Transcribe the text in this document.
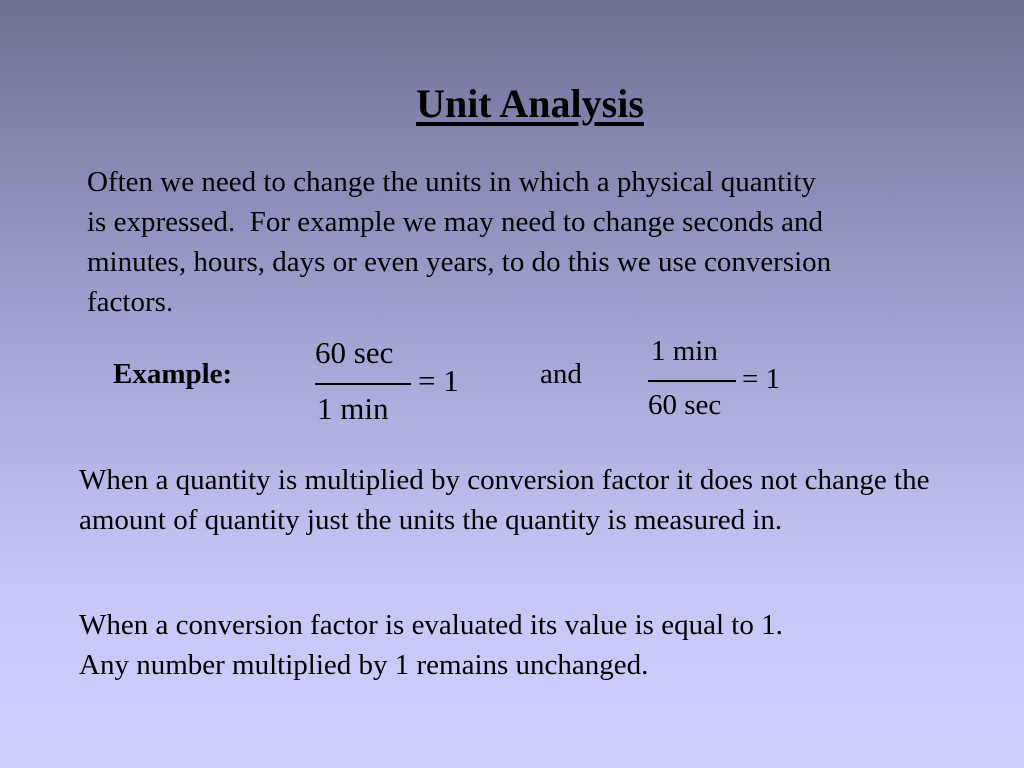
Unit Analysis

Often we need to change the units in which a physical quantity
is expressed.  For example we may need to change seconds and
minutes, hours, days or even years, to do this we use conversion
factors.

Example:
60 sec
1 min
= 1	and
1 min
60 sec
= 1

When a quantity is multiplied by conversion factor it does not change the amount of quantity just the units the quantity is measured in.

When a conversion factor is evaluated its value is equal to 1.
Any number multiplied by 1 remains unchanged.
